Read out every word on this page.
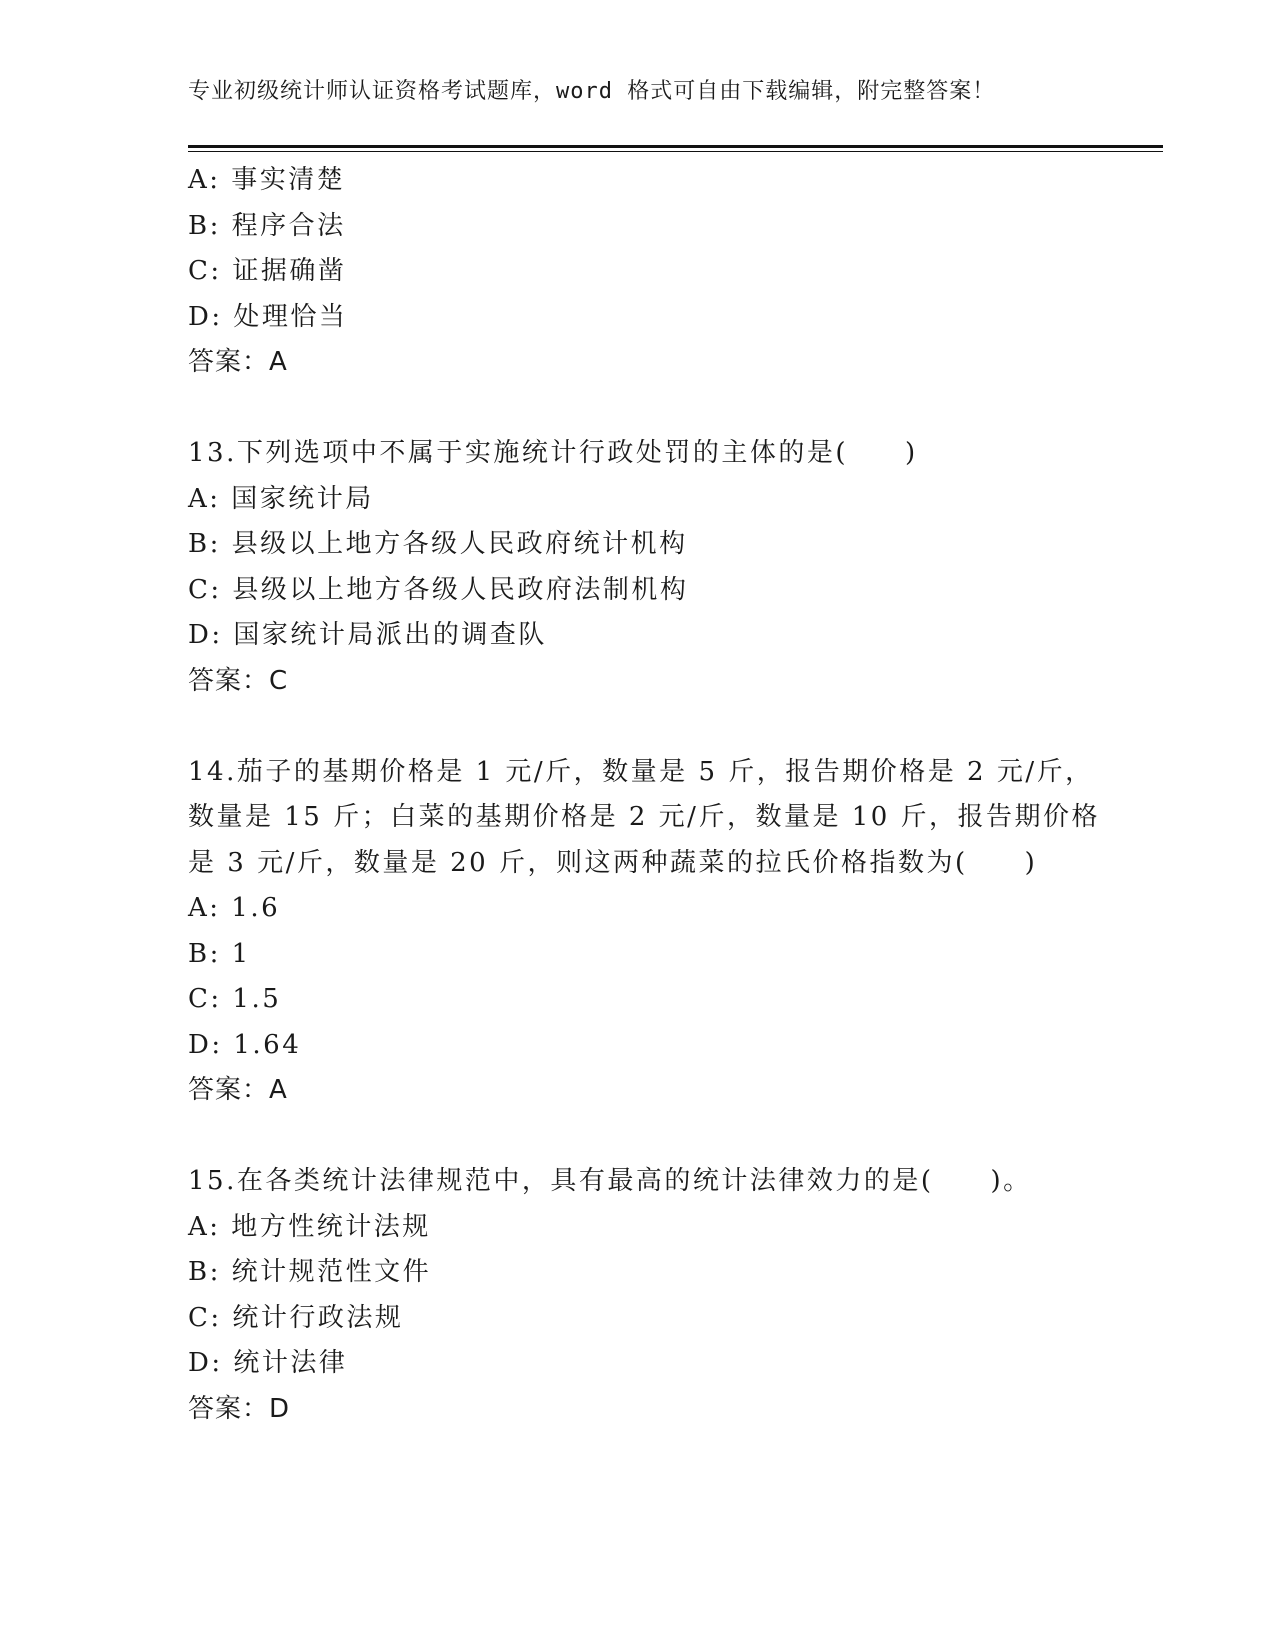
专业初级统计师认证资格考试题库，word 格式可自由下载编辑，附完整答案！
A: 事实清楚
B: 程序合法
C: 证据确凿
D: 处理恰当
答案：A
13.下列选项中不属于实施统计行政处罚的主体的是(　　)
A: 国家统计局
B: 县级以上地方各级人民政府统计机构
C: 县级以上地方各级人民政府法制机构
D: 国家统计局派出的调查队
答案：C
14.茄子的基期价格是 1 元/斤，数量是 5 斤，报告期价格是 2 元/斤，
数量是 15 斤；白菜的基期价格是 2 元/斤，数量是 10 斤，报告期价格
是 3 元/斤，数量是 20 斤，则这两种蔬菜的拉氏价格指数为(　　)
A: 1.6
B: 1
C: 1.5
D: 1.64
答案：A
15.在各类统计法律规范中，具有最高的统计法律效力的是(　　)。
A: 地方性统计法规
B: 统计规范性文件
C: 统计行政法规
D: 统计法律
答案：D
